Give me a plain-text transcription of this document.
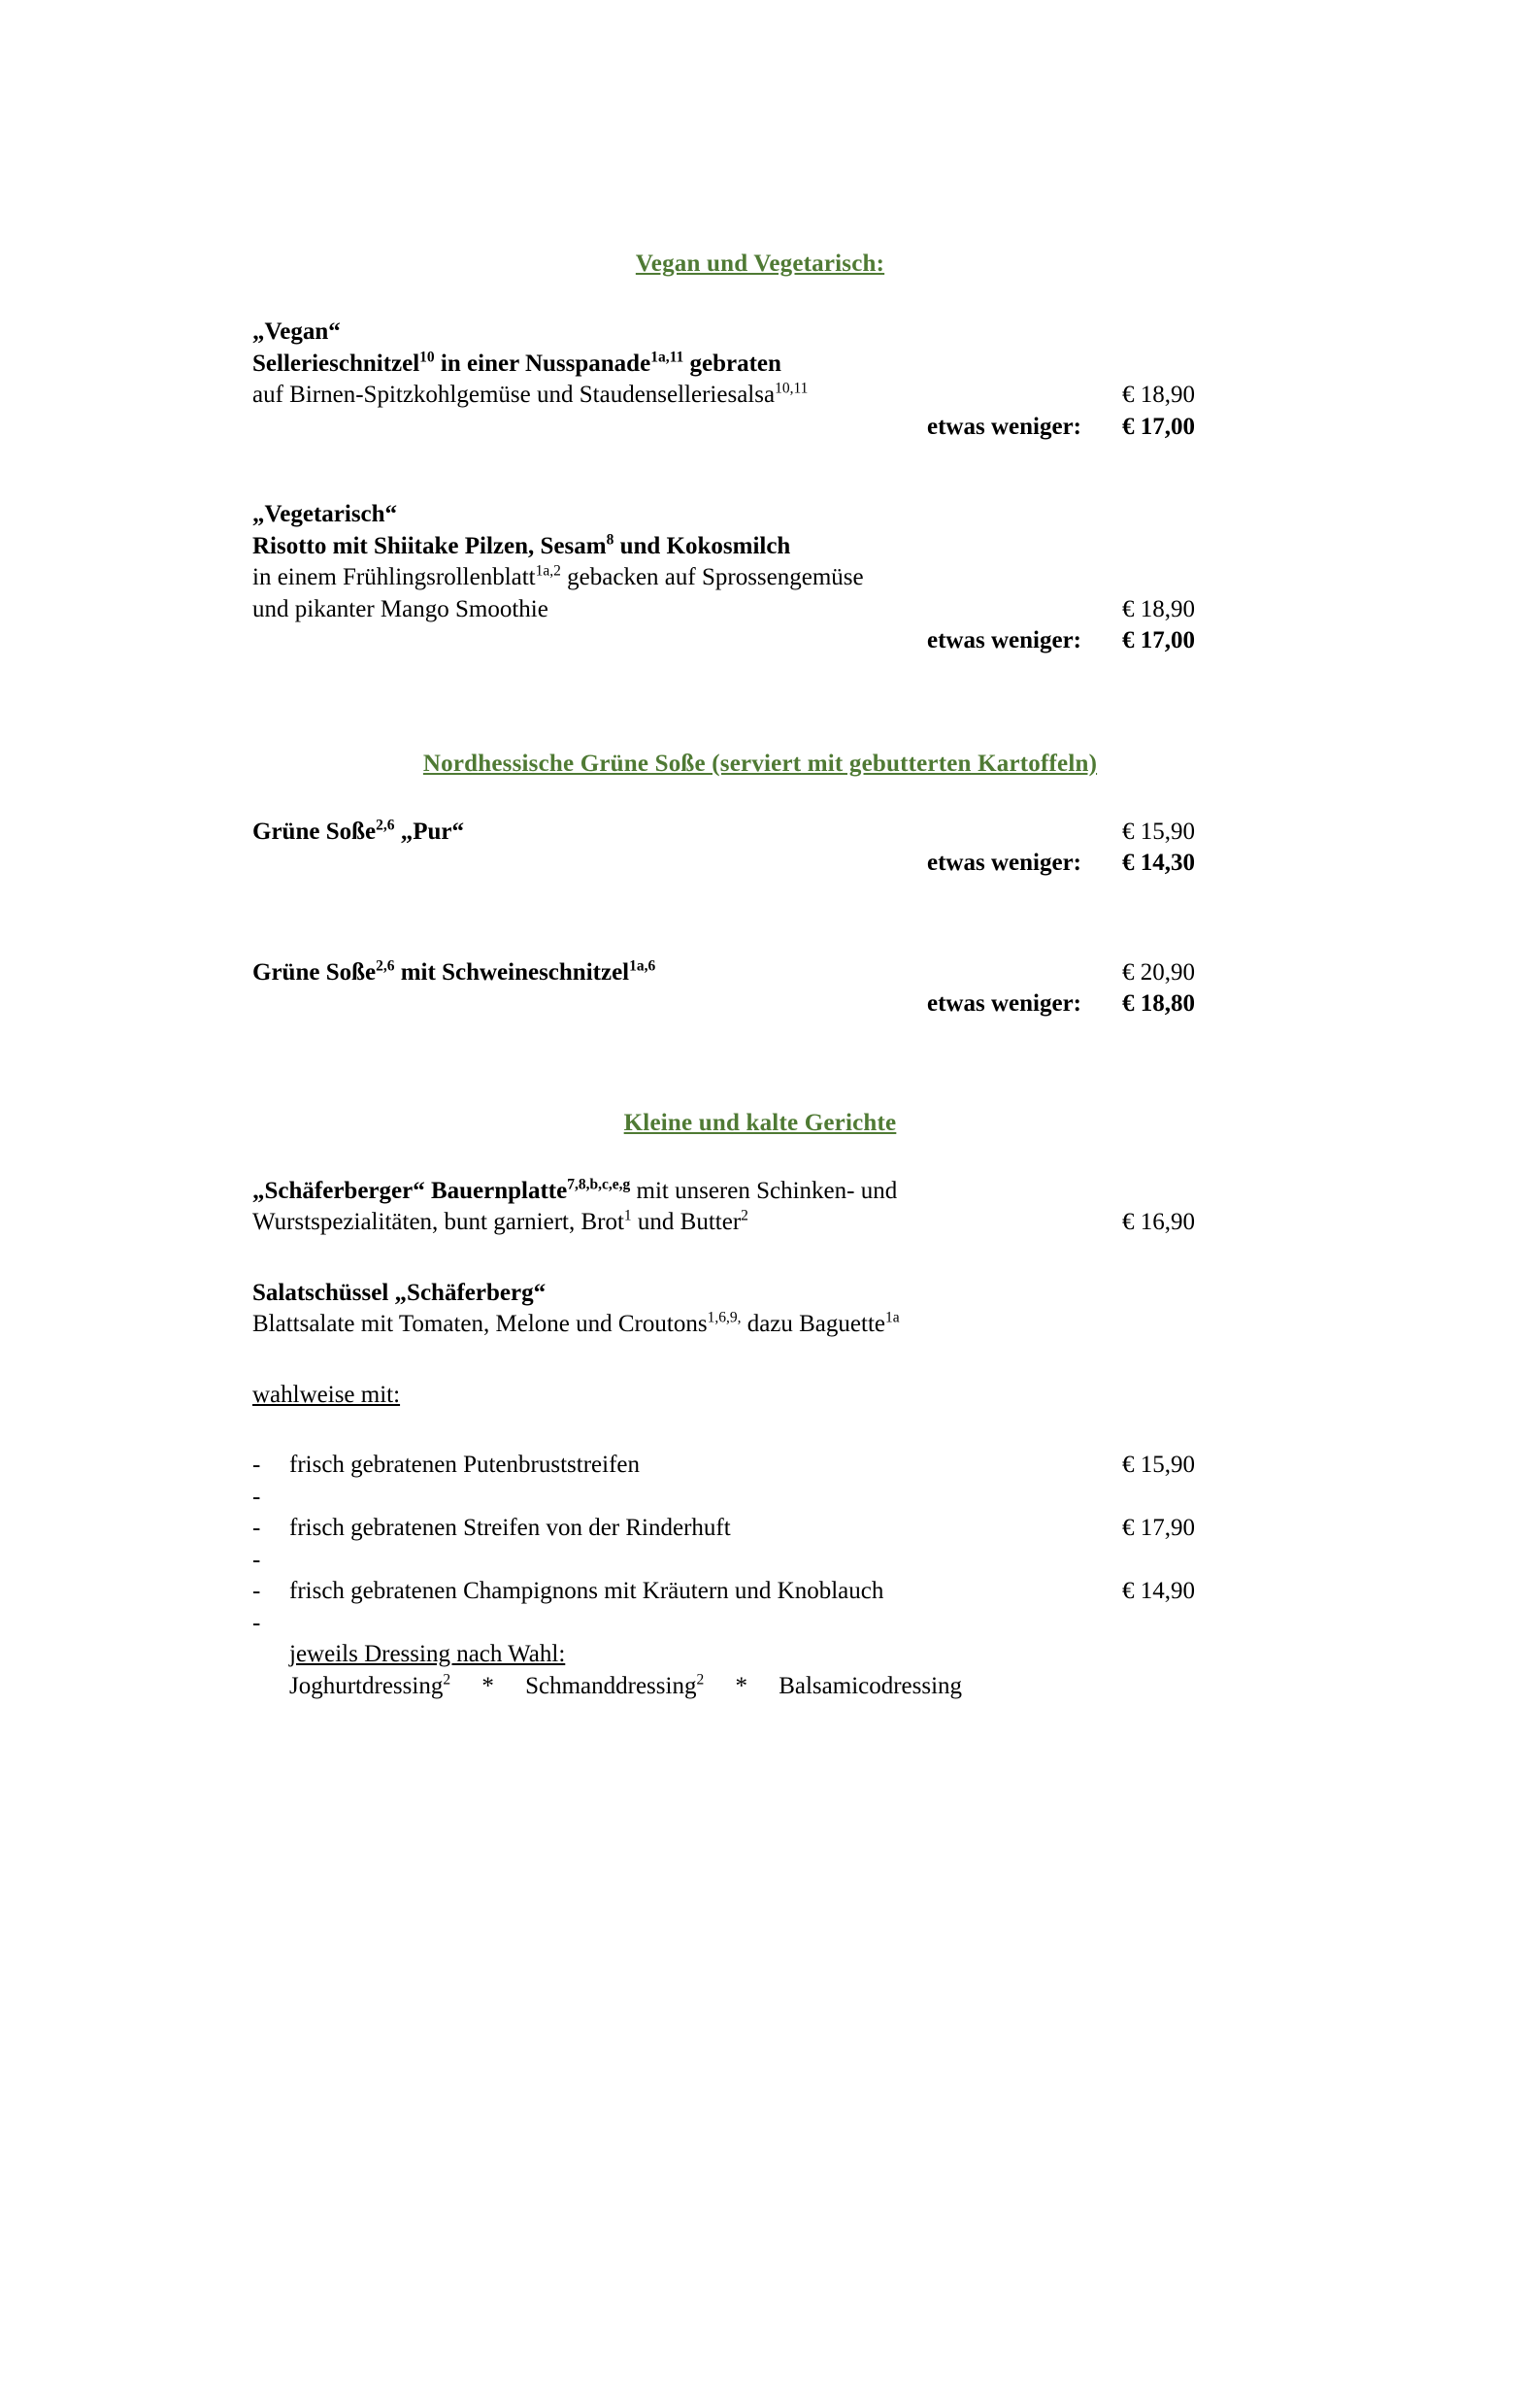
Vegan und Vegetarisch:
„Vegan“
Sellerieschnitzel$^{10}$ in einer Nusspanade$^{1a,11}$ gebraten
auf Birnen-Spitzkohlgemüse und Staudenselleriesalsa$^{10,11}$	€ 18,90
etwas weniger:	€ 17,00
„Vegetarisch“
Risotto mit Shiitake Pilzen, Sesam$^8$ und Kokosmilch
in einem Frühlingsrollenblatt$^{1a,2}$ gebacken auf Sprossengemüse
und pikanter Mango Smoothie	€ 18,90
etwas weniger:	€ 17,00
Nordhessische Grüne Soße (serviert mit gebutterten Kartoffeln)
Grüne Soße$^{2,6}$ „Pur“	€ 15,90
etwas weniger:	€ 14,30
Grüne Soße$^{2,6}$ mit Schweineschnitzel$^{1a,6}$	€ 20,90
etwas weniger:	€ 18,80
Kleine und kalte Gerichte
„Schäferberger“ Bauernplatte$^{7,8,b,c,e,g}$ mit unseren Schinken- und
Wurstspezialitäten, bunt garniert, Brot$^1$ und Butter$^2$	€ 16,90
Salatschüssel „Schäferberg“
Blattsalate mit Tomaten, Melone und Croutons$^{1,6,9,}$ dazu Baguette$^{1a}$
wahlweise mit:
-	frisch gebratenen Putenbruststreifen	€ 15,90
-
-	frisch gebratenen Streifen von der Rinderhuft	€ 17,90
-
-	frisch gebratenen Champignons mit Kräutern und Knoblauch	€ 14,90
-
jeweils Dressing nach Wahl:
Joghurtdressing$^2$ * Schmanddressing$^2$ * Balsamicodressing
